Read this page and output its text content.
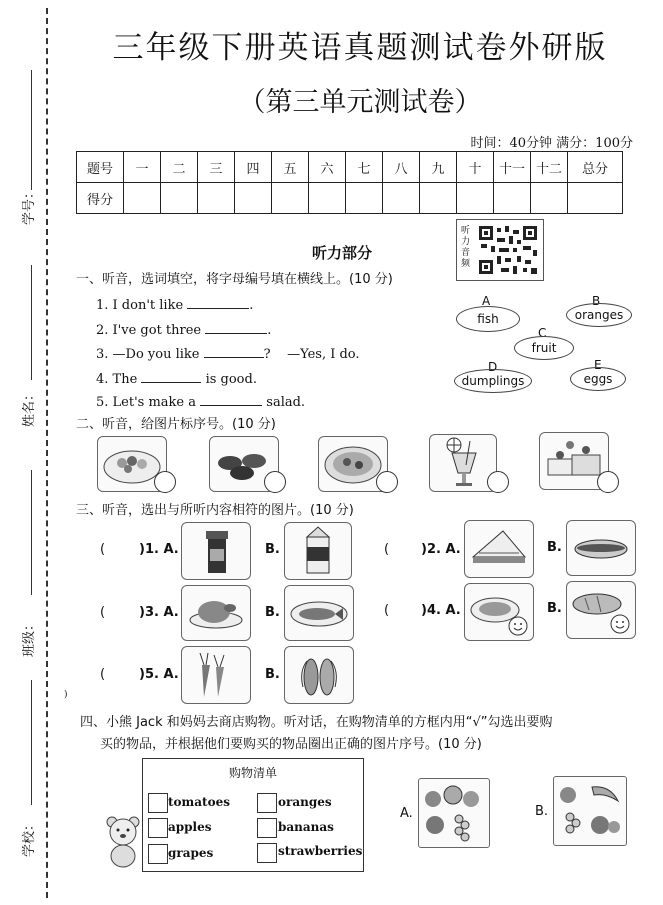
学号：
姓名：
班级：
学校：
)
三年级下册英语真题测试卷外研版
（第三单元测试卷）
时间：40分钟 满分：100分
题号	一	二	三	四	五	六	七	八	九	十	十一	十二	总分
得分													
听力部分
听力音频
一、听音，选词填空，将字母编号填在横线上。(10 分)
1. I don't like	.
2. I've got three	.
3. —Do you like	? —Yes, I do.
4. The	is good.
5. Let's make a	salad.
A
fish
B
oranges
C
fruit
D
dumplings
E
eggs
二、听音，给图片标序号。(10 分)
三、听音，选出与所听内容相符的图片。(10 分)
(	)1. A.	B.	( )2. A.	B.
(	)3. A.	B.	( )4. A.	B.
(	)5. A.	B.
四、小熊 Jack 和妈妈去商店购物。听对话，在购物清单的方框内用“√”勾选出要购
买的物品，并根据他们要购买的物品圈出正确的图片序号。(10 分)
购物清单
tomatoes	oranges
apples	bananas
grapes	strawberries
A.	B.
